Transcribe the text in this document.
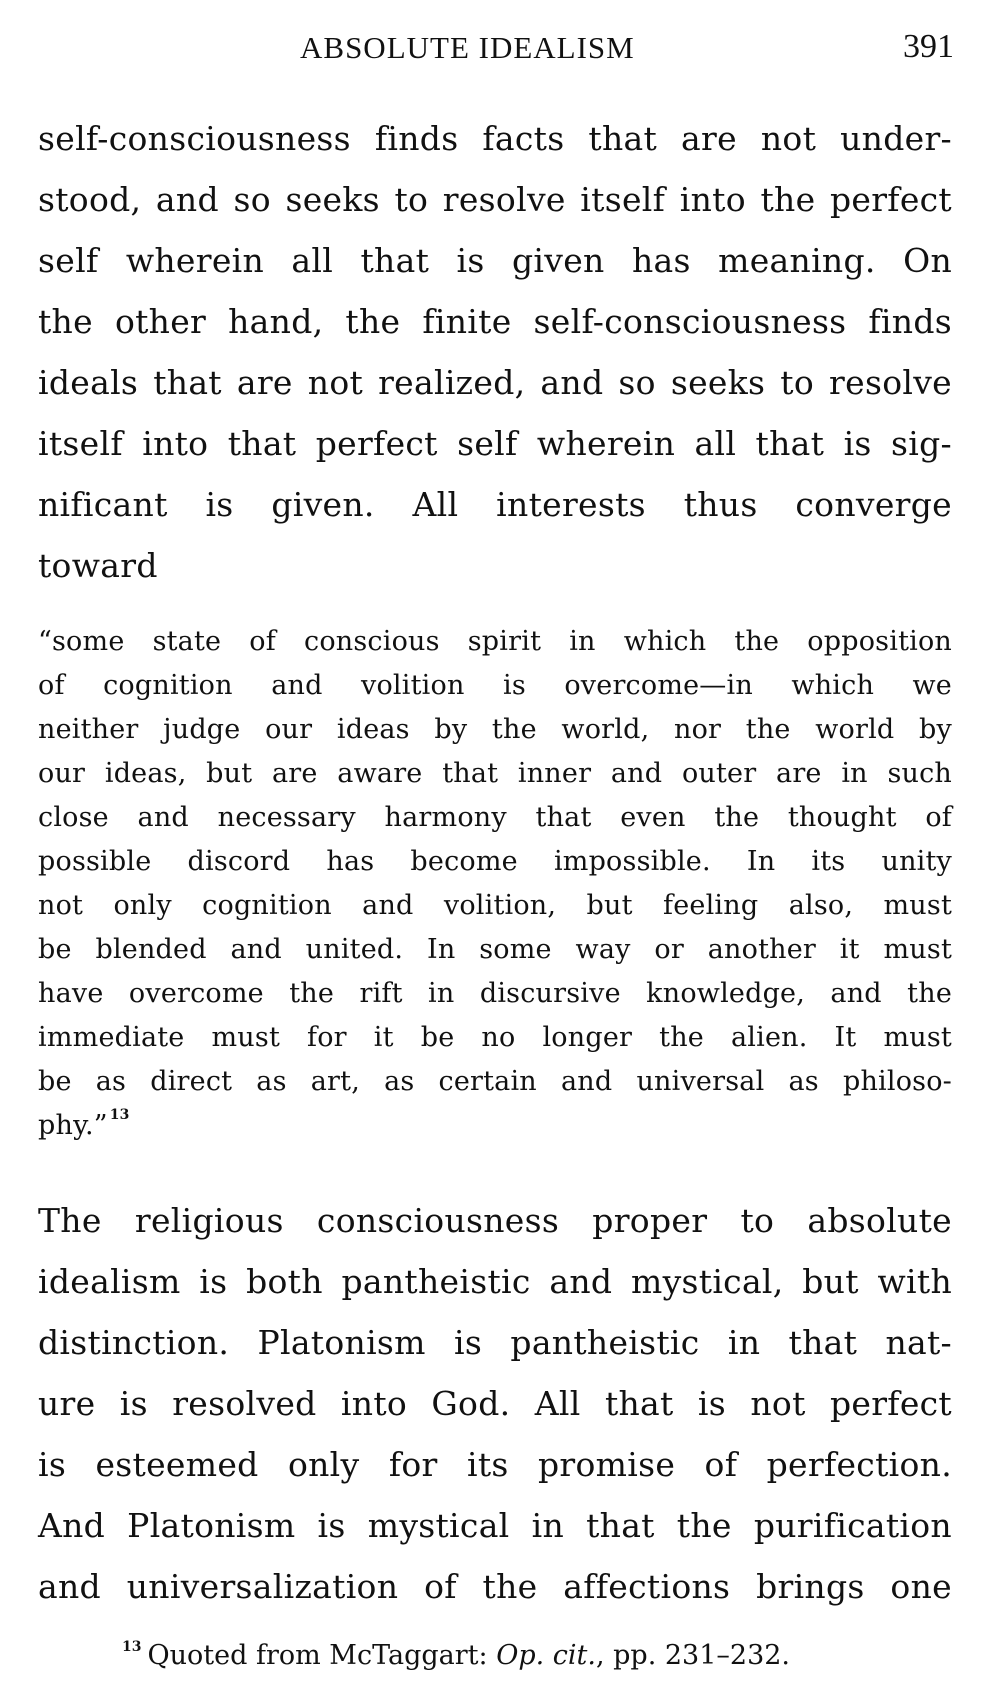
ABSOLUTE IDEALISM	391
self-consciousness finds facts that are not under-
stood, and so seeks to resolve itself into the perfect
self wherein all that is given has meaning. On
the other hand, the finite self-consciousness finds
ideals that are not realized, and so seeks to resolve
itself into that perfect self wherein all that is sig-
nificant is given. All interests thus converge
toward
“some state of conscious spirit in which the opposition
of cognition and volition is overcome—in which we
neither judge our ideas by the world, nor the world by
our ideas, but are aware that inner and outer are in such
close and necessary harmony that even the thought of
possible discord has become impossible. In its unity
not only cognition and volition, but feeling also, must
be blended and united. In some way or another it must
have overcome the rift in discursive knowledge, and the
immediate must for it be no longer the alien. It must
be as direct as art, as certain and universal as philoso-
phy.” $^{13}$
The religious consciousness proper to absolute
idealism is both pantheistic and mystical, but with
distinction. Platonism is pantheistic in that nat-
ure is resolved into God. All that is not perfect
is esteemed only for its promise of perfection.
And Platonism is mystical in that the purification
and universalization of the affections brings one
$^{13}$ Quoted from McTaggart: Op. cit., pp. 231–232.
